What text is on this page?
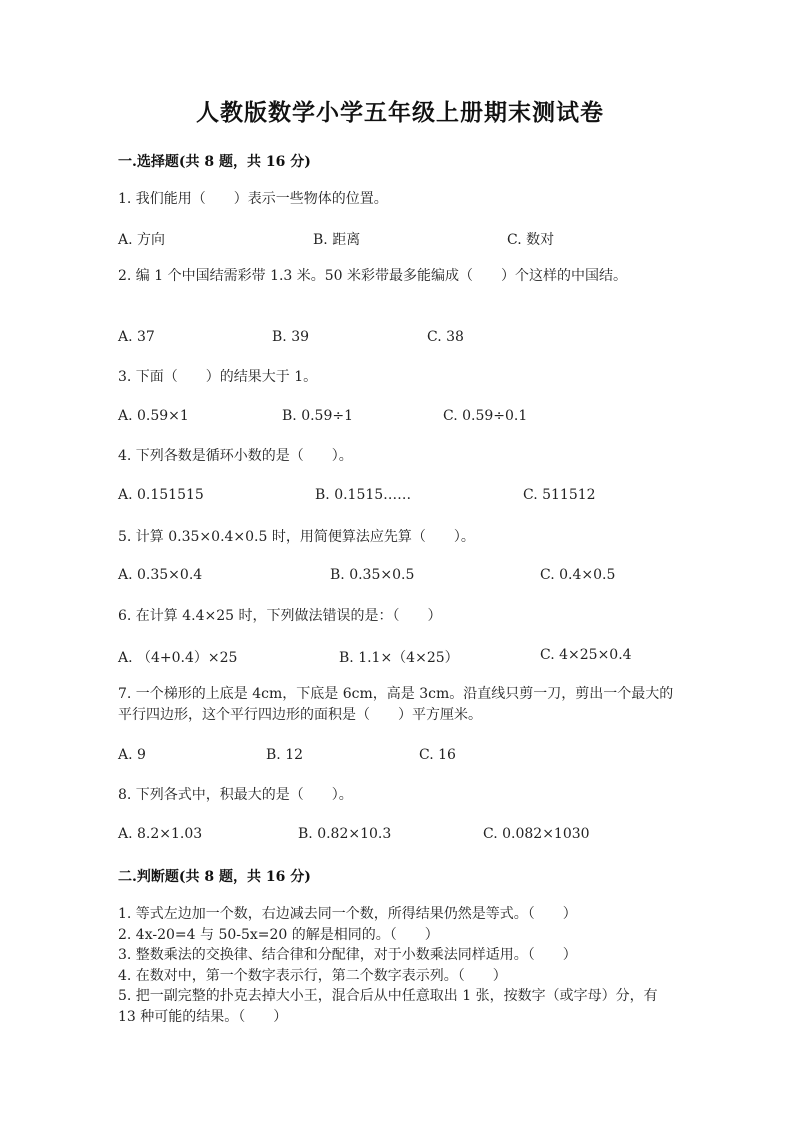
人教版数学小学五年级上册期末测试卷
一.选择题(共 8 题，共 16 分)
1. 我们能用（　　）表示一些物体的位置。
A. 方向	B. 距离	C. 数对
2. 编 1 个中国结需彩带 1.3 米。50 米彩带最多能编成（　　）个这样的中国结。
A. 37	B. 39	C. 38
3. 下面（　　）的结果大于 1。
A. 0.59×1	B. 0.59÷1	C. 0.59÷0.1
4. 下列各数是循环小数的是（　　）。
A. 0.151515	B. 0.1515……	C. 511512
5. 计算 0.35×0.4×0.5 时，用简便算法应先算（　　）。
A. 0.35×0.4	B. 0.35×0.5	C. 0.4×0.5
6. 在计算 4.4×25 时，下列做法错误的是：（　　）
A. （4+0.4）×25	B. 1.1×（4×25）	C. 4×25×0.4
7. 一个梯形的上底是 4cm，下底是 6cm，高是 3cm。沿直线只剪一刀，剪出一个最大的平行四边形，这个平行四边形的面积是（　　）平方厘米。
A. 9	B. 12	C. 16
8. 下列各式中，积最大的是（　　）。
A. 8.2×1.03	B. 0.82×10.3	C. 0.082×1030
二.判断题(共 8 题，共 16 分)

1. 等式左边加一个数，右边减去同一个数，所得结果仍然是等式。（　　）

2. 4x-20=4 与 50-5x=20 的解是相同的。（　　）

3. 整数乘法的交换律、结合律和分配律，对于小数乘法同样适用。（　　）

4. 在数对中，第一个数字表示行，第二个数字表示列。（　　）

5. 把一副完整的扑克去掉大小王，混合后从中任意取出 1 张，按数字（或字母）分，有 13 种可能的结果。（　　）
